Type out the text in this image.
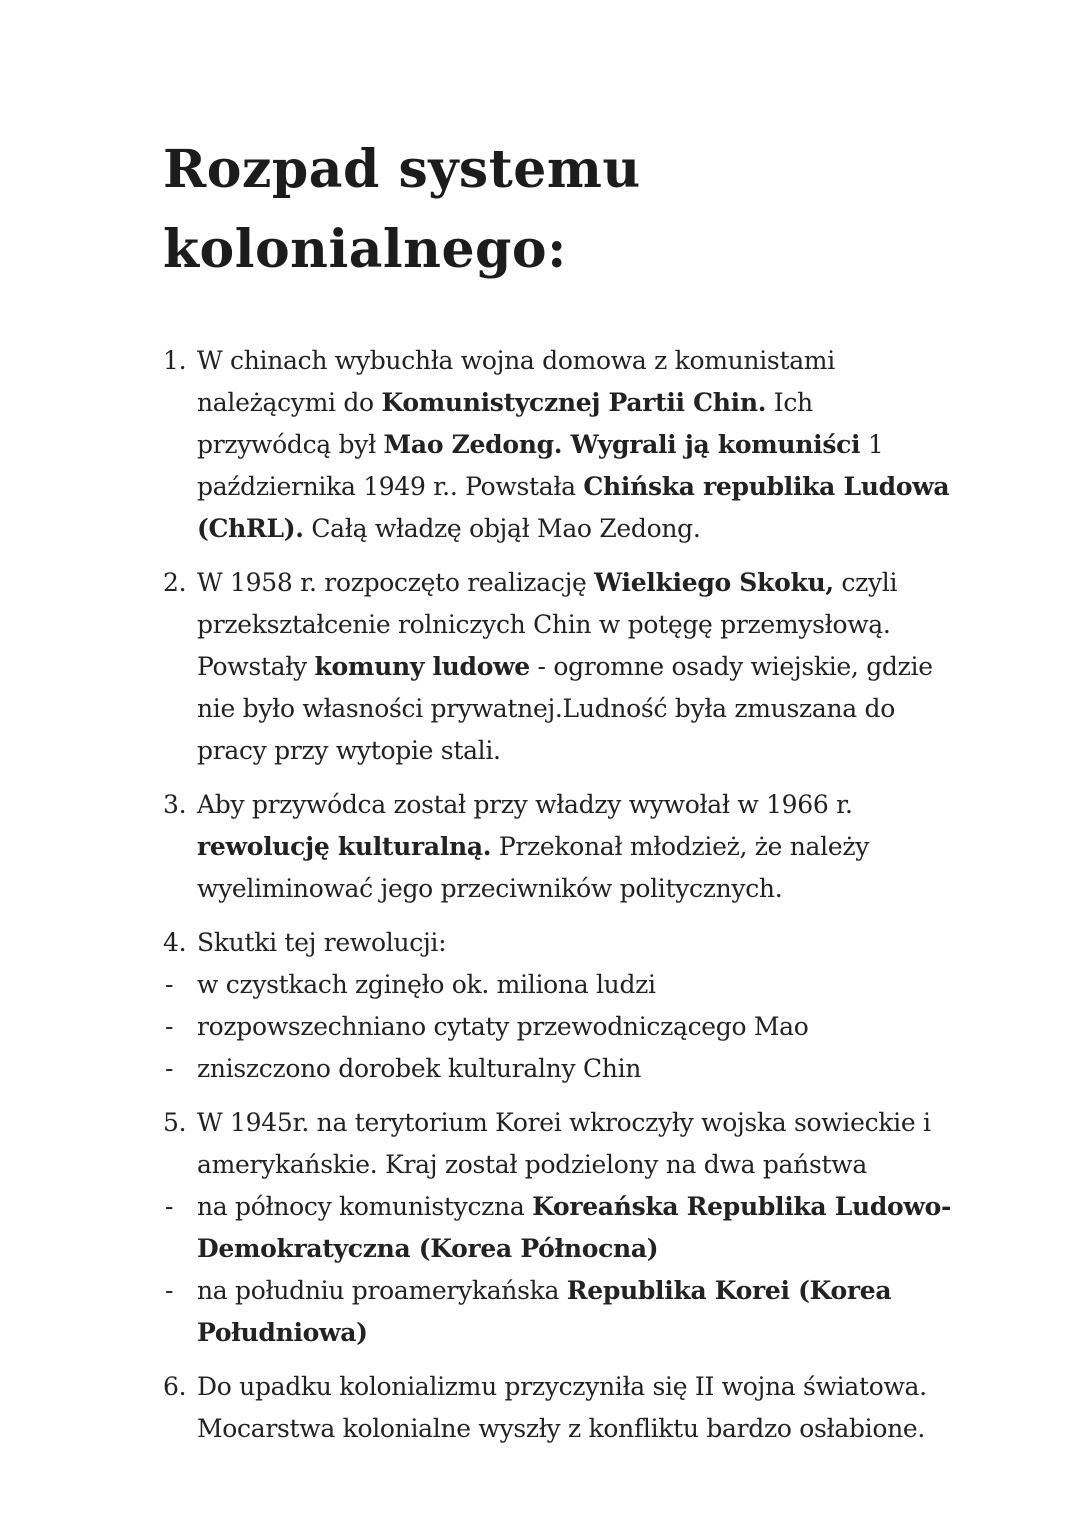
Rozpad systemu kolonialnego:
1. W chinach wybuchła wojna domowa z komunistami należącymi do Komunistycznej Partii Chin. Ich przywódcą był Mao Zedong. Wygrali ją komuniści 1 października 1949 r.. Powstała Chińska republika Ludowa (ChRL). Całą władzę objął Mao Zedong.
2. W 1958 r. rozpoczęto realizację Wielkiego Skoku, czyli przekształcenie rolniczych Chin w potęgę przemysłową. Powstały komuny ludowe - ogromne osady wiejskie, gdzie nie było własności prywatnej.Ludność była zmuszana do pracy przy wytopie stali.
3. Aby przywódca został przy władzy wywołał w 1966 r. rewolucję kulturalną. Przekonał młodzież, że należy wyeliminować jego przeciwników politycznych.
4. Skutki tej rewolucji:
- w czystkach zginęło ok. miliona ludzi
- rozpowszechniano cytaty przewodniczącego Mao
- zniszczono dorobek kulturalny Chin
5. W 1945r. na terytorium Korei wkroczyły wojska sowieckie i amerykańskie. Kraj został podzielony na dwa państwa
- na północy komunistyczna Koreańska Republika Ludowo-Demokratyczna (Korea Północna)
- na południu proamerykańska Republika Korei (Korea Południowa)
6. Do upadku kolonializmu przyczyniła się II wojna światowa. Mocarstwa kolonialne wyszły z konfliktu bardzo osłabione.
